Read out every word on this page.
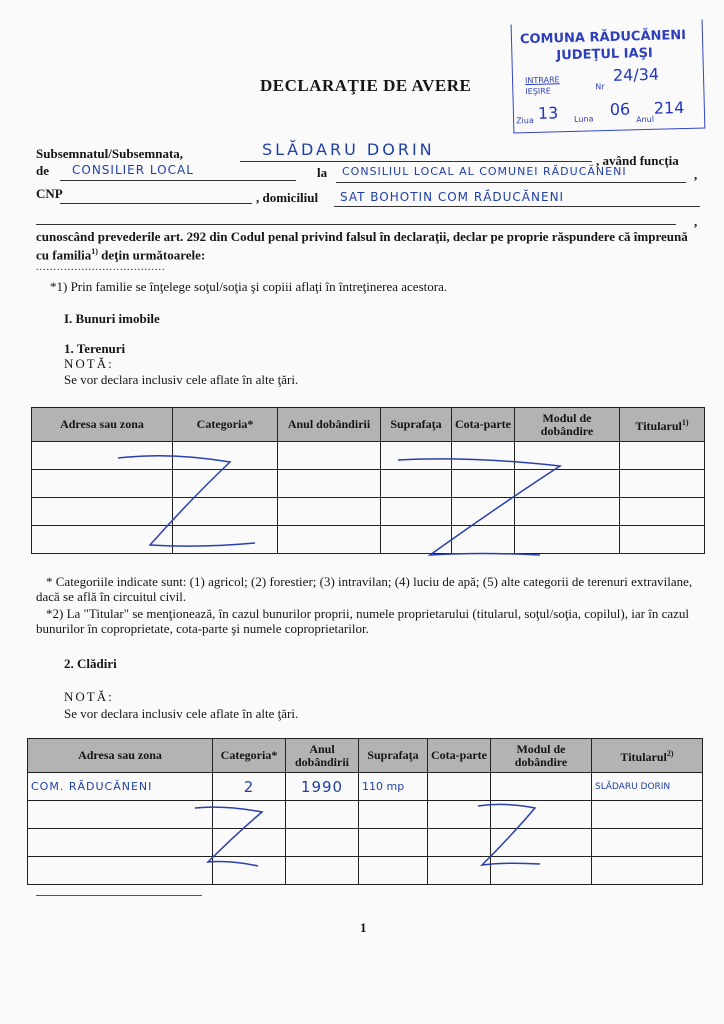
DECLARAŢIE DE AVERE
COMUNA RĂDUCĂNENI
JUDEŢUL IAŞI
INTRARE
IEŞIRE	Nr
24/34
Ziua 13 Luna
06
Anul
214
Subsemnatul/Subsemnata,	SLĂDARU DORIN
, având funcţia
de CONSILIER LOCAL	la CONSILIUL LOCAL AL COMUNEI RĂDUCĂNENI	,
CNP	, domiciliul SAT BOHOTIN COM RĂDUCĂNENI
,
cunoscând prevederile art. 292 din Codul penal privind falsul în declaraţii, declar pe proprie răspundere că împreună cu familia$^{1)}$ deţin următoarele:
.....................................
*1) Prin familie se înţelege soţul/soţia şi copiii aflaţi în întreţinerea acestora.
I. Bunuri imobile
1. Terenuri
NOTĂ:
Se vor declara inclusiv cele aflate în alte ţări.
Adresa sau zona	Categoria*	Anul dobândirii	Suprafaţa	Cota-parte	Modul de dobândire	Titularul$^{1)}$

* Categoriile indicate sunt: (1) agricol; (2) forestier; (3) intravilan; (4) luciu de apă; (5) alte categorii de terenuri extravilane, dacă se află în circuitul civil.
*2) La "Titular" se menţionează, în cazul bunurilor proprii, numele proprietarului (titularul, soţul/soţia, copilul), iar în cazul bunurilor în coproprietate, cota-parte şi numele coproprietarilor.
2. Clădiri
NOTĂ:
Se vor declara inclusiv cele aflate în alte ţări.
Adresa sau zona	Categoria*	Anul dobândirii	Suprafaţa	Cota-parte	Modul de dobândire	Titularul$^{2)}$
COM. RĂDUCĂNENI	2	1990	110 mp			SLĂDARU DORIN

1
